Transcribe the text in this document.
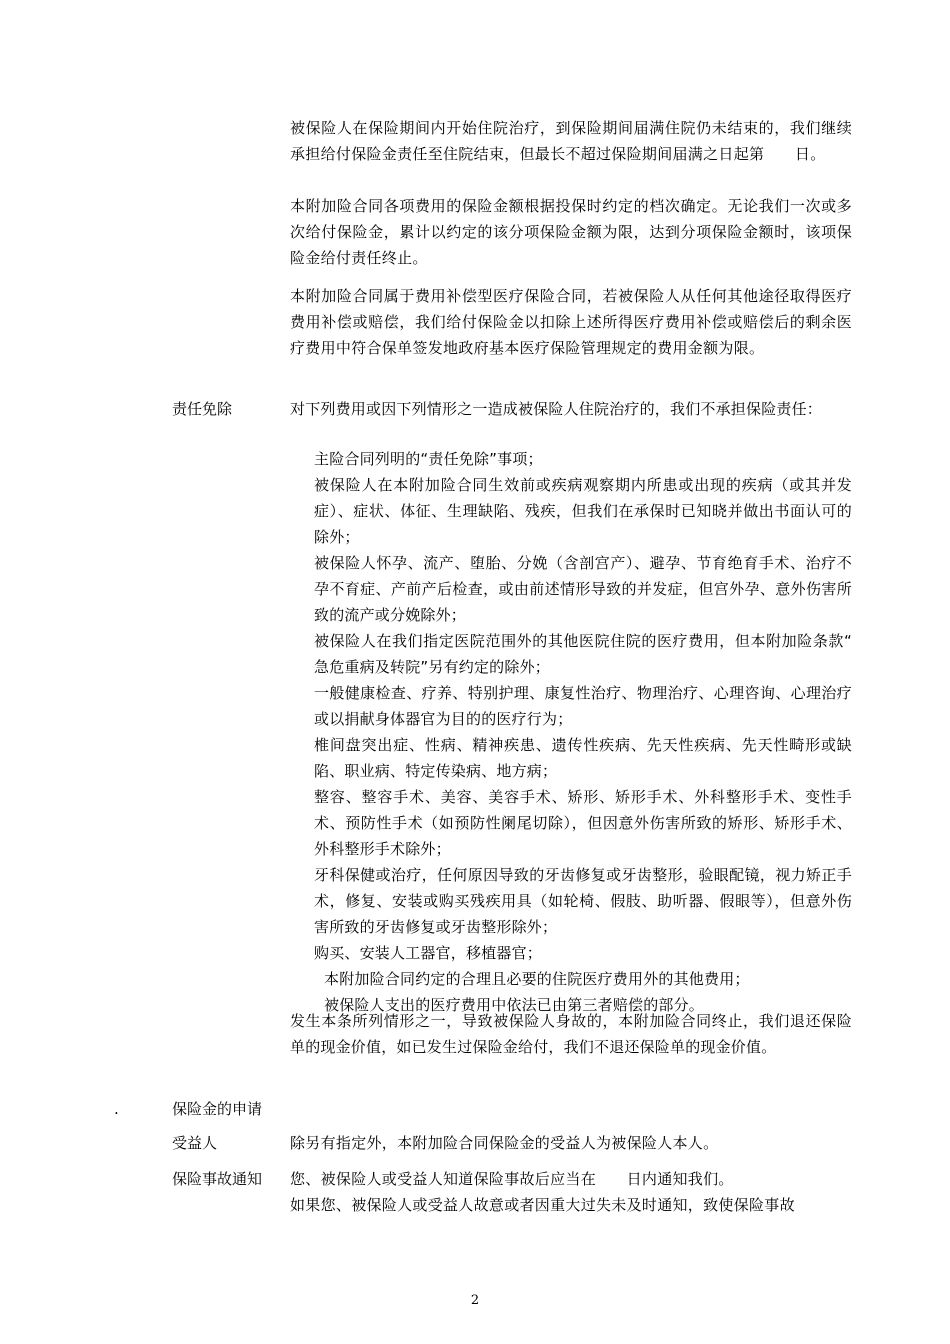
被保险人在保险期间内开始住院治疗，到保险期间届满住院仍未结束的，我们继续承担给付保险金责任至住院结束，但最长不超过保险期间届满之日起第　　日。

本附加险合同各项费用的保险金额根据投保时约定的档次确定。无论我们一次或多次给付保险金，累计以约定的该分项保险金额为限，达到分项保险金额时，该项保险金给付责任终止。

本附加险合同属于费用补偿型医疗保险合同，若被保险人从任何其他途径取得医疗费用补偿或赔偿，我们给付保险金以扣除上述所得医疗费用补偿或赔偿后的剩余医疗费用中符合保单签发地政府基本医疗保险管理规定的费用金额为限。

责任免除	对下列费用或因下列情形之一造成被保险人住院治疗的，我们不承担保险责任：

主险合同列明的“责任免除”事项；
被保险人在本附加险合同生效前或疾病观察期内所患或出现的疾病（或其并发症）、症状、体征、生理缺陷、残疾，但我们在承保时已知晓并做出书面认可的除外；
被保险人怀孕、流产、堕胎、分娩（含剖宫产）、避孕、节育绝育手术、治疗不孕不育症、产前产后检查，或由前述情形导致的并发症，但宫外孕、意外伤害所致的流产或分娩除外；
被保险人在我们指定医院范围外的其他医院住院的医疗费用，但本附加险条款“　　急危重病及转院”另有约定的除外；
一般健康检查、疗养、特别护理、康复性治疗、物理治疗、心理咨询、心理治疗或以捐献身体器官为目的的医疗行为；
椎间盘突出症、性病、精神疾患、遗传性疾病、先天性疾病、先天性畸形或缺陷、职业病、特定传染病、地方病；
整容、整容手术、美容、美容手术、矫形、矫形手术、外科整形手术、变性手术、预防性手术（如预防性阑尾切除），但因意外伤害所致的矫形、矫形手术、外科整形手术除外；
牙科保健或治疗，任何原因导致的牙齿修复或牙齿整形，验眼配镜，视力矫正手术，修复、安装或购买残疾用具（如轮椅、假肢、助听器、假眼等），但意外伤害所致的牙齿修复或牙齿整形除外；
购买、安装人工器官，移植器官；
本附加险合同约定的合理且必要的住院医疗费用外的其他费用；
被保险人支出的医疗费用中依法已由第三者赔偿的部分。

发生本条所列情形之一，导致被保险人身故的，本附加险合同终止，我们退还保险单的现金价值，如已发生过保险金给付，我们不退还保险单的现金价值。

.	保险金的申请

受益人	除另有指定外，本附加险合同保险金的受益人为被保险人本人。

保险事故通知 您、被保险人或受益人知道保险事故后应当在　　日内通知我们。

如果您、被保险人或受益人故意或者因重大过失未及时通知，致使保险事故

2
